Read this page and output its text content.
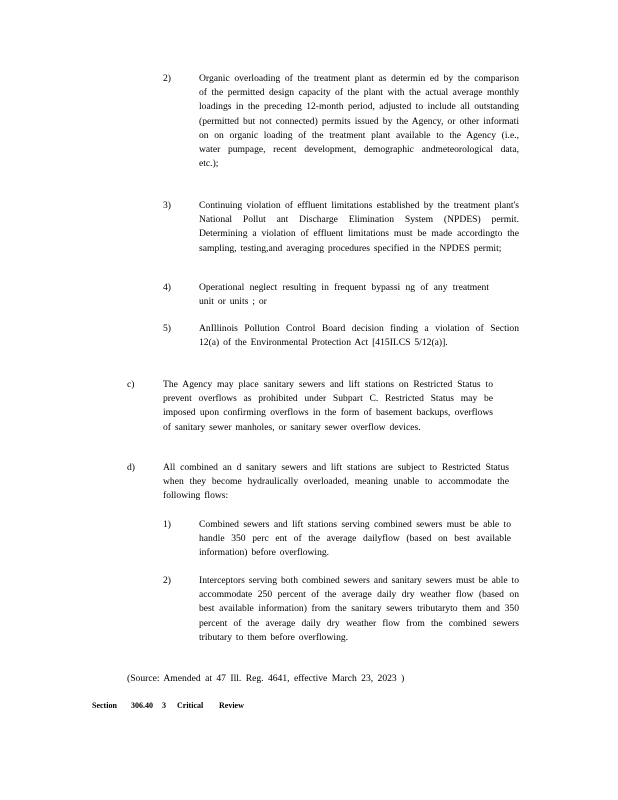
2)	Organic overloading of the treatment plant as determin ed by the comparison of the permitted design capacity of the plant with the actual average monthly loadings in the preceding 12-month period, adjusted to include all outstanding (permitted but not connected) permits issued by the Agency, or other informati on on organic loading of the treatment plant available to the Agency (i.e., water pumpage, recent development, demographic andmeteorological data, etc.);
3)	Continuing violation of effluent limitations established by the treatment plant's National Pollut ant Discharge Elimination System (NPDES) permit. Determining a violation of effluent limitations must be made accordingto the sampling, testing,and averaging procedures specified in the NPDES permit;
4)	Operational neglect resulting in frequent bypassi ng of any treatment unit or units ; or
5)	AnIllinois Pollution Control Board decision finding a violation of Section 12(a) of the Environmental Protection Act [415ILCS 5/12(a)].
c)	The Agency may place sanitary sewers and lift stations on Restricted Status to prevent overflows as prohibited under Subpart C. Restricted Status may be imposed upon confirming overflows in the form of basement backups, overflows of sanitary sewer manholes, or sanitary sewer overflow devices.
d)	All combined an d sanitary sewers and lift stations are subject to Restricted Status when they become hydraulically overloaded, meaning unable to accommodate the following flows:
1)	Combined sewers and lift stations serving combined sewers must be able to handle 350 perc ent of the average dailyflow (based on best available information) before overflowing.
2)	Interceptors serving both combined sewers and sanitary sewers must be able to accommodate 250 percent of the average daily dry weather flow (based on best available information) from the sanitary sewers tributaryto them and 350 percent of the average daily dry weather flow from the combined sewers tributary to them before overflowing.
(Source: Amended at 47 Ill. Reg. 4641, effective March 23, 2023 )
Section 306.40 3 Critical Review
